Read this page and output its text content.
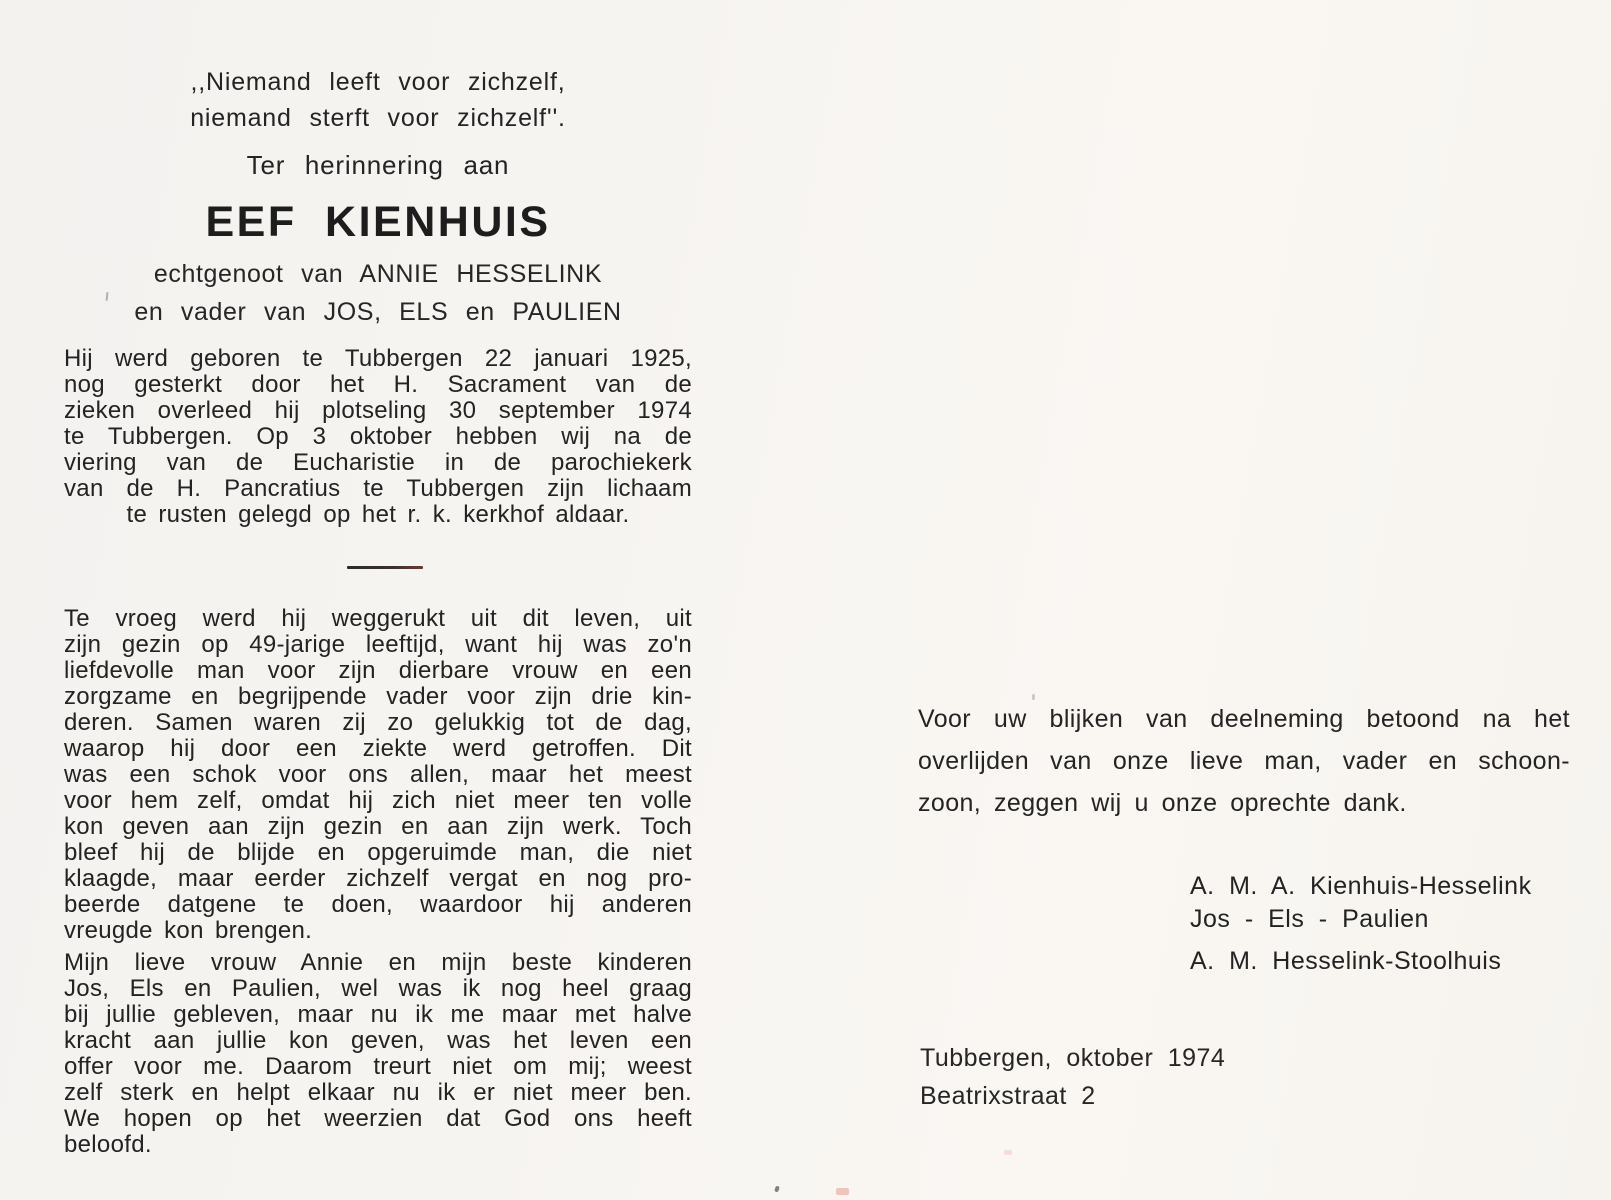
,,Niemand leeft voor zichzelf,
niemand sterft voor zichzelf''.
Ter herinnering aan
EEF KIENHUIS
echtgenoot van ANNIE HESSELINK
en vader van JOS, ELS en PAULIEN
Hij werd geboren te Tubbergen 22 januari 1925,
nog gesterkt door het H. Sacrament van de
zieken overleed hij plotseling 30 september 1974
te Tubbergen. Op 3 oktober hebben wij na de
viering van de Eucharistie in de parochiekerk
van de H. Pancratius te Tubbergen zijn lichaam
te rusten gelegd op het r. k. kerkhof aldaar.
Te vroeg werd hij weggerukt uit dit leven, uit
zijn gezin op 49-jarige leeftijd, want hij was zo'n
liefdevolle man voor zijn dierbare vrouw en een
zorgzame en begrijpende vader voor zijn drie kin-
deren. Samen waren zij zo gelukkig tot de dag,
waarop hij door een ziekte werd getroffen. Dit
was een schok voor ons allen, maar het meest
voor hem zelf, omdat hij zich niet meer ten volle
kon geven aan zijn gezin en aan zijn werk. Toch
bleef hij de blijde en opgeruimde man, die niet
klaagde, maar eerder zichzelf vergat en nog pro-
beerde datgene te doen, waardoor hij anderen
vreugde kon brengen.
Mijn lieve vrouw Annie en mijn beste kinderen
Jos, Els en Paulien, wel was ik nog heel graag
bij jullie gebleven, maar nu ik me maar met halve
kracht aan jullie kon geven, was het leven een
offer voor me. Daarom treurt niet om mij; weest
zelf sterk en helpt elkaar nu ik er niet meer ben.
We hopen op het weerzien dat God ons heeft
beloofd.
Voor uw blijken van deelneming betoond na het
overlijden van onze lieve man, vader en schoon-
zoon, zeggen wij u onze oprechte dank.
A. M. A. Kienhuis-Hesselink
Jos - Els - Paulien
A. M. Hesselink-Stoolhuis
Tubbergen, oktober 1974
Beatrixstraat 2
